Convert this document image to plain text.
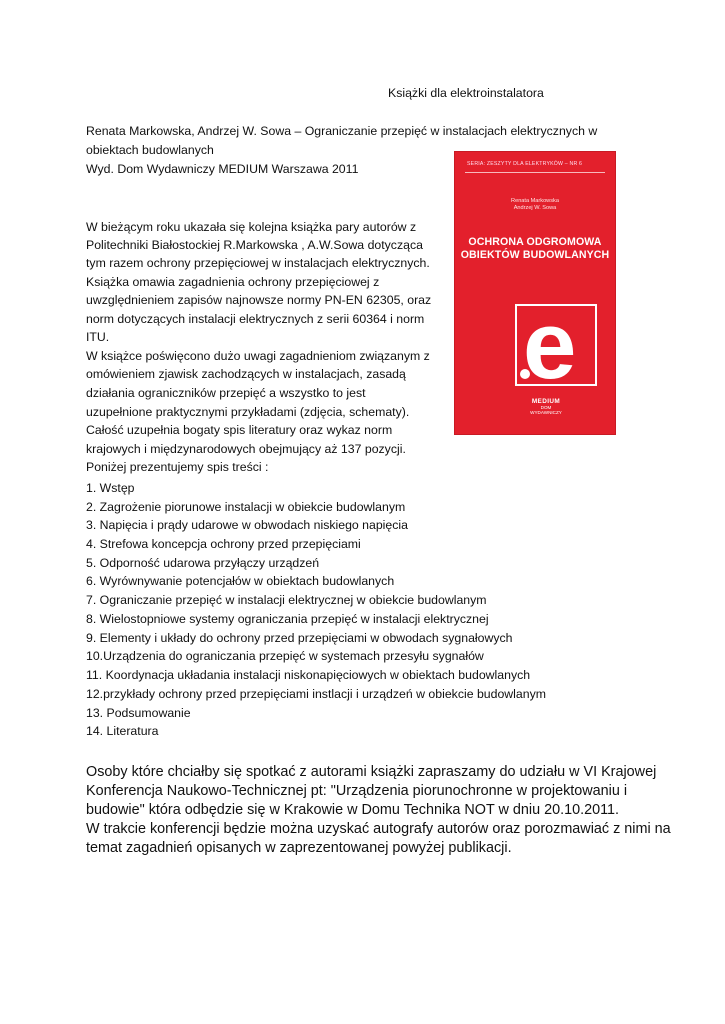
Książki dla elektroinstalatora
Renata Markowska, Andrzej W. Sowa – Ograniczanie przepięć w instalacjach elektrycznych w
obiektach budowlanych
Wyd. Dom Wydawniczy MEDIUM Warszawa 2011
W bieżącym roku ukazała się kolejna książka pary autorów z
Politechniki Białostockiej R.Markowska , A.W.Sowa dotycząca
tym razem ochrony przepięciowej w instalacjach elektrycznych.
Książka omawia zagadnienia ochrony przepięciowej z
uwzględnieniem zapisów najnowsze normy PN-EN 62305, oraz
norm dotyczących instalacji elektrycznych z serii 60364 i norm
ITU.
W książce poświęcono dużo uwagi zagadnieniom związanym z
omówieniem zjawisk zachodzących w instalacjach, zasadą
działania ograniczników przepięć a wszystko to jest
uzupełnione praktycznymi przykładami (zdjęcia, schematy).
Całość uzupełnia bogaty spis literatury oraz wykaz norm
krajowych i międzynarodowych obejmujący aż 137 pozycji.
Poniżej prezentujemy spis treści :
1. Wstęp
2. Zagrożenie piorunowe instalacji w obiekcie budowlanym
3. Napięcia i prądy udarowe w obwodach niskiego napięcia
4. Strefowa koncepcja ochrony przed przepięciami
5. Odporność udarowa przyłączy urządzeń
6. Wyrównywanie potencjałów w obiektach budowlanych
7. Ograniczanie przepięć w instalacji elektrycznej w obiekcie budowlanym
8. Wielostopniowe systemy ograniczania przepięć w instalacji elektrycznej
9. Elementy i układy do ochrony przed przepięciami w obwodach sygnałowych
10.Urządzenia do ograniczania przepięć w systemach przesyłu sygnałów
11. Koordynacja układania instalacji niskonapięciowych w obiektach budowlanych
12.przykłady ochrony przed przepięciami instlacji i urządzeń w obiekcie budowlanym
13. Podsumowanie
14. Literatura
Osoby które chciałby się spotkać z autorami książki zapraszamy do udziału w VI Krajowej
Konferencja Naukowo-Technicznej pt: "Urządzenia piorunochronne w projektowaniu i
budowie" która odbędzie się w Krakowie w Domu Technika NOT w dniu 20.10.2011.
W trakcie konferencji będzie można uzyskać autografy autorów oraz porozmawiać z nimi na
temat zagadnień opisanych w zaprezentowanej powyżej publikacji.
SERIA: ZESZYTY DLA ELEKTRYKÓW – NR 6
Renata Markowska
Andrzej W. Sowa
OCHRONA ODGROMOWA
OBIEKTÓW BUDOWLANYCH
e
MEDIUM
DOM
WYDAWNICZY
